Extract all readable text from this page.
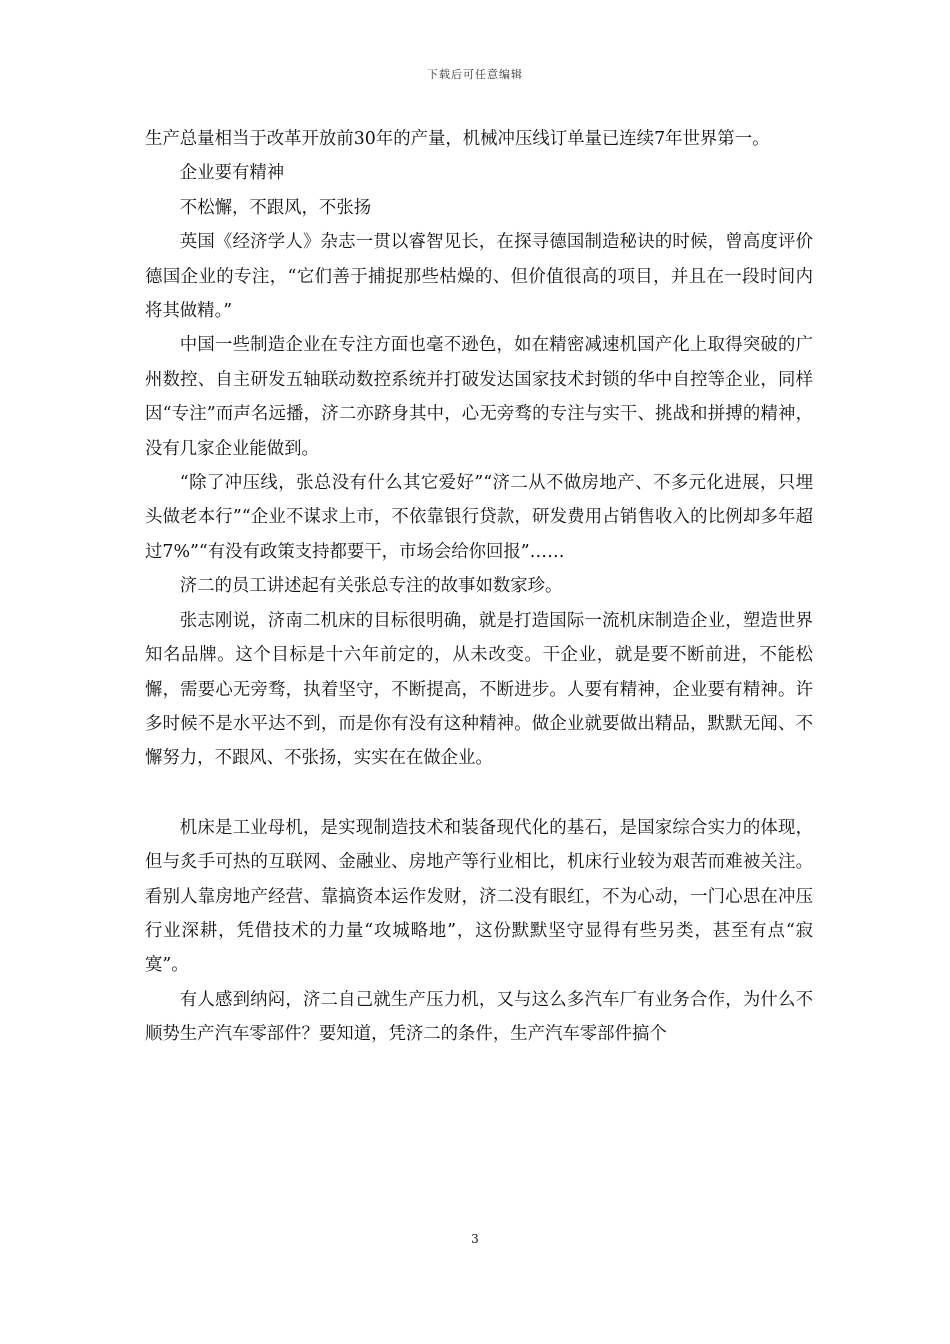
下载后可任意编辑

生产总量相当于改革开放前30年的产量，机械冲压线订单量已连续7年世界第一。

企业要有精神

不松懈，不跟风，不张扬

英国《经济学人》杂志一贯以睿智见长，在探寻德国制造秘诀的时候，曾高度评价德国企业的专注，“它们善于捕捉那些枯燥的、但价值很高的项目，并且在一段时间内将其做精。”

中国一些制造企业在专注方面也毫不逊色，如在精密减速机国产化上取得突破的广州数控、自主研发五轴联动数控系统并打破发达国家技术封锁的华中自控等企业，同样因“专注”而声名远播，济二亦跻身其中，心无旁骛的专注与实干、挑战和拼搏的精神，没有几家企业能做到。

“除了冲压线，张总没有什么其它爱好”“济二从不做房地产、不多元化进展，只埋头做老本行”“企业不谋求上市，不依靠银行贷款，研发费用占销售收入的比例却多年超过7%”“有没有政策支持都要干，市场会给你回报”……

济二的员工讲述起有关张总专注的故事如数家珍。

张志刚说，济南二机床的目标很明确，就是打造国际一流机床制造企业，塑造世界知名品牌。这个目标是十六年前定的，从未改变。干企业，就是要不断前进，不能松懈，需要心无旁骛，执着坚守，不断提高，不断进步。人要有精神，企业要有精神。许多时候不是水平达不到，而是你有没有这种精神。做企业就要做出精品，默默无闻、不懈努力，不跟风、不张扬，实实在在做企业。

机床是工业母机，是实现制造技术和装备现代化的基石，是国家综合实力的体现，但与炙手可热的互联网、金融业、房地产等行业相比，机床行业较为艰苦而难被关注。看别人靠房地产经营、靠搞资本运作发财，济二没有眼红，不为心动，一门心思在冲压行业深耕，凭借技术的力量“攻城略地”，这份默默坚守显得有些另类，甚至有点“寂寞”。

有人感到纳闷，济二自己就生产压力机，又与这么多汽车厂有业务合作，为什么不顺势生产汽车零部件？要知道，凭济二的条件，生产汽车零部件搞个

3
